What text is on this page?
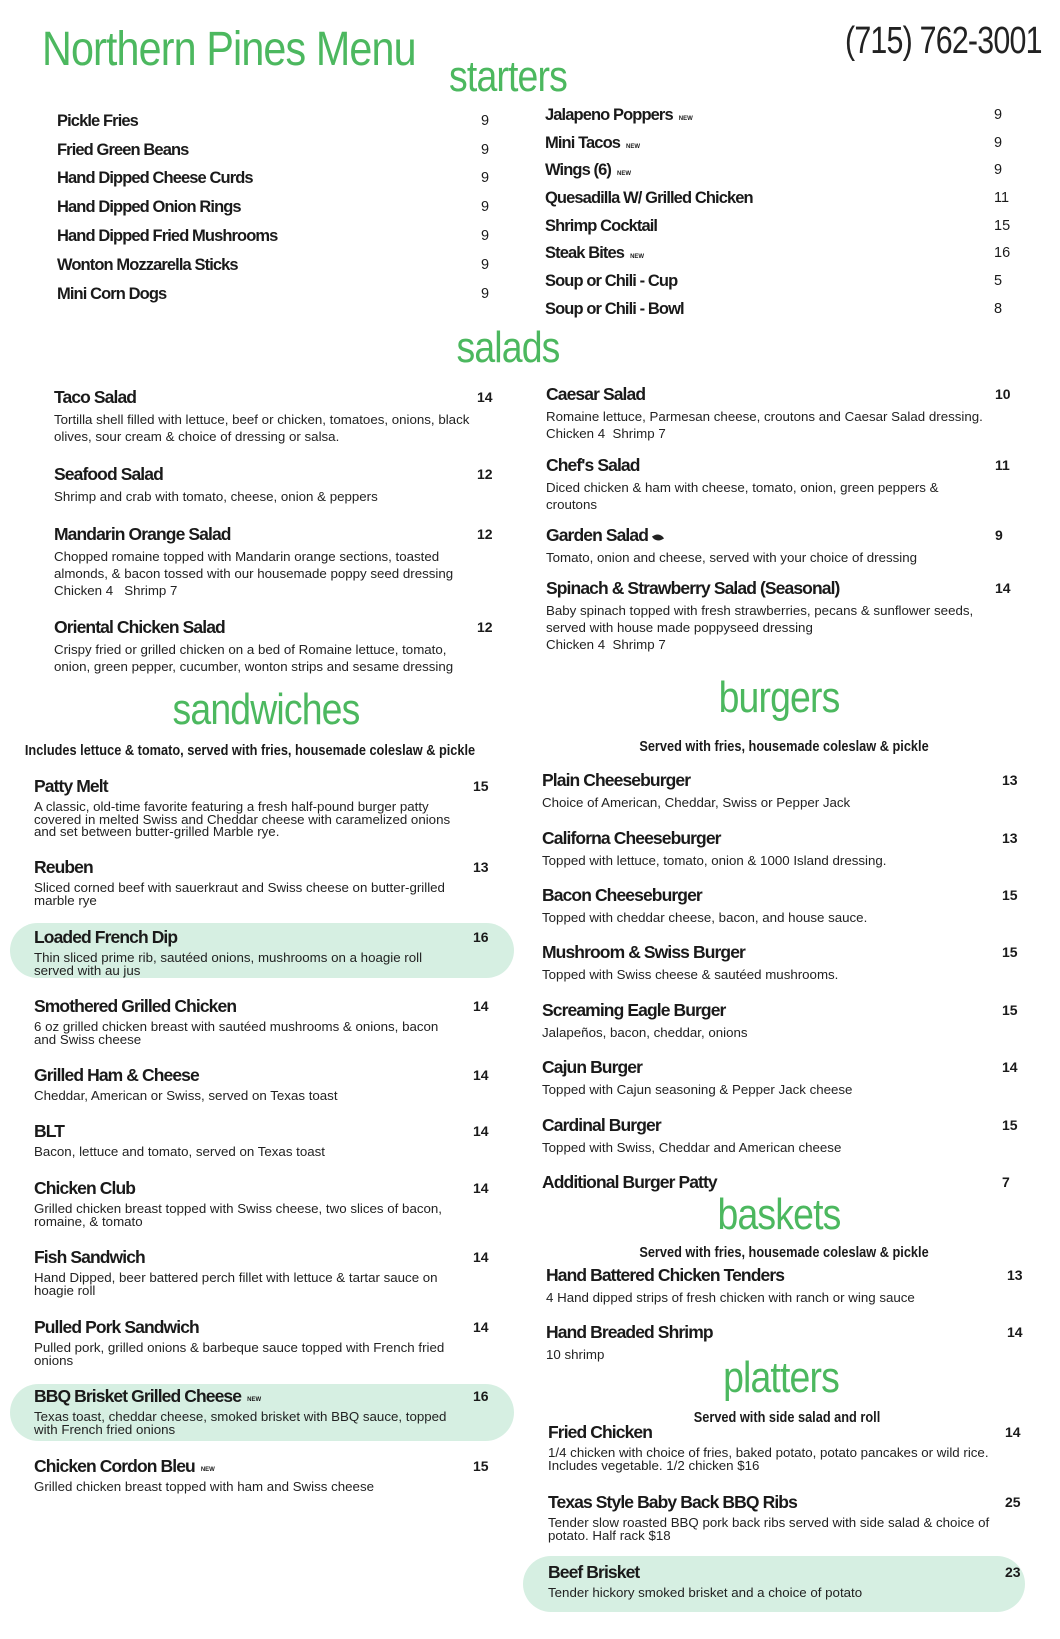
Northern Pines Menu	(715) 762-3001
starters
salads
sandwiches
Includes lettuce & tomato, served with fries, housemade coleslaw & pickle
burgers
Served with fries, housemade coleslaw & pickle
baskets
Served with fries, housemade coleslaw & pickle
platters
Served with side salad and roll
Pickle Fries	9
Fried Green Beans	9
Hand Dipped Cheese Curds	9
Hand Dipped Onion Rings	9
Hand Dipped Fried Mushrooms	9
Wonton Mozzarella Sticks	9
Mini Corn Dogs	9
Jalapeno Poppers $^{NEW}$	9
Mini Tacos $^{NEW}$	9
Wings (6) $^{NEW}$	9
Quesadilla W/ Grilled Chicken	11
Shrimp Cocktail	15
Steak Bites $^{NEW}$	16
Soup or Chili - Cup	5
Soup or Chili - Bowl	8
Taco Salad	14
Tortilla shell filled with lettuce, beef or chicken, tomatoes, onions, black olives, sour cream & choice of dressing or salsa.
Seafood Salad	12
Shrimp and crab with tomato, cheese, onion & peppers
Mandarin Orange Salad	12
Chopped romaine topped with Mandarin orange sections, toasted almonds, & bacon tossed with our housemade poppy seed dressing
Chicken 4   Shrimp 7
Oriental Chicken Salad	12
Crispy fried or grilled chicken on a bed of Romaine lettuce, tomato, onion, green pepper, cucumber, wonton strips and sesame dressing
Caesar Salad	10
Romaine lettuce, Parmesan cheese, croutons and Caesar Salad dressing.
Chicken 4  Shrimp 7
Chef's Salad	11
Diced chicken & ham with cheese, tomato, onion, green peppers & croutons
Garden Salad	9
Tomato, onion and cheese, served with your choice of dressing
Spinach & Strawberry Salad (Seasonal)	14
Baby spinach topped with fresh strawberries, pecans & sunflower seeds, served with house made poppyseed dressing
Chicken 4  Shrimp 7
Patty Melt	15
A classic, old-time favorite featuring a fresh half-pound burger patty covered in melted Swiss and Cheddar cheese with caramelized onions and set between butter-grilled Marble rye.
Reuben	13
Sliced corned beef with sauerkraut and Swiss cheese on butter-grilled marble rye
Loaded French Dip	16
Thin sliced prime rib, sautéed onions, mushrooms on a hoagie roll served with au jus
Smothered Grilled Chicken	14
6 oz grilled chicken breast with sautéed mushrooms & onions, bacon and Swiss cheese
Grilled Ham & Cheese	14
Cheddar, American or Swiss, served on Texas toast
BLT	14
Bacon, lettuce and tomato, served on Texas toast
Chicken Club	14
Grilled chicken breast topped with Swiss cheese, two slices of bacon, romaine, & tomato
Fish Sandwich	14
Hand Dipped, beer battered perch fillet with lettuce & tartar sauce on hoagie roll
Pulled Pork Sandwich	14
Pulled pork, grilled onions & barbeque sauce topped with French fried onions
BBQ Brisket Grilled Cheese $^{NEW}$	16
Texas toast, cheddar cheese, smoked brisket with BBQ sauce, topped with French fried onions
Chicken Cordon Bleu $^{NEW}$	15
Grilled chicken breast topped with ham and Swiss cheese
Plain Cheeseburger	13
Choice of American, Cheddar, Swiss or Pepper Jack
Californa Cheeseburger	13
Topped with lettuce, tomato, onion & 1000 Island dressing.
Bacon Cheeseburger	15
Topped with cheddar cheese, bacon, and house sauce.
Mushroom & Swiss Burger	15
Topped with Swiss cheese & sautéed mushrooms.
Screaming Eagle Burger	15
Jalapeños, bacon, cheddar, onions
Cajun Burger	14
Topped with Cajun seasoning & Pepper Jack cheese
Cardinal Burger	15
Topped with Swiss, Cheddar and American cheese
Additional Burger Patty	7
Hand Battered Chicken Tenders	13
4 Hand dipped strips of fresh chicken with ranch or wing sauce
Hand Breaded Shrimp	14
10 shrimp
Fried Chicken	14
1/4 chicken with choice of fries, baked potato, potato pancakes or wild rice. Includes vegetable. 1/2 chicken $16
Texas Style Baby Back BBQ Ribs	25
Tender slow roasted BBQ pork back ribs served with side salad & choice of potato. Half rack $18
Beef Brisket	23
Tender hickory smoked brisket and a choice of potato
